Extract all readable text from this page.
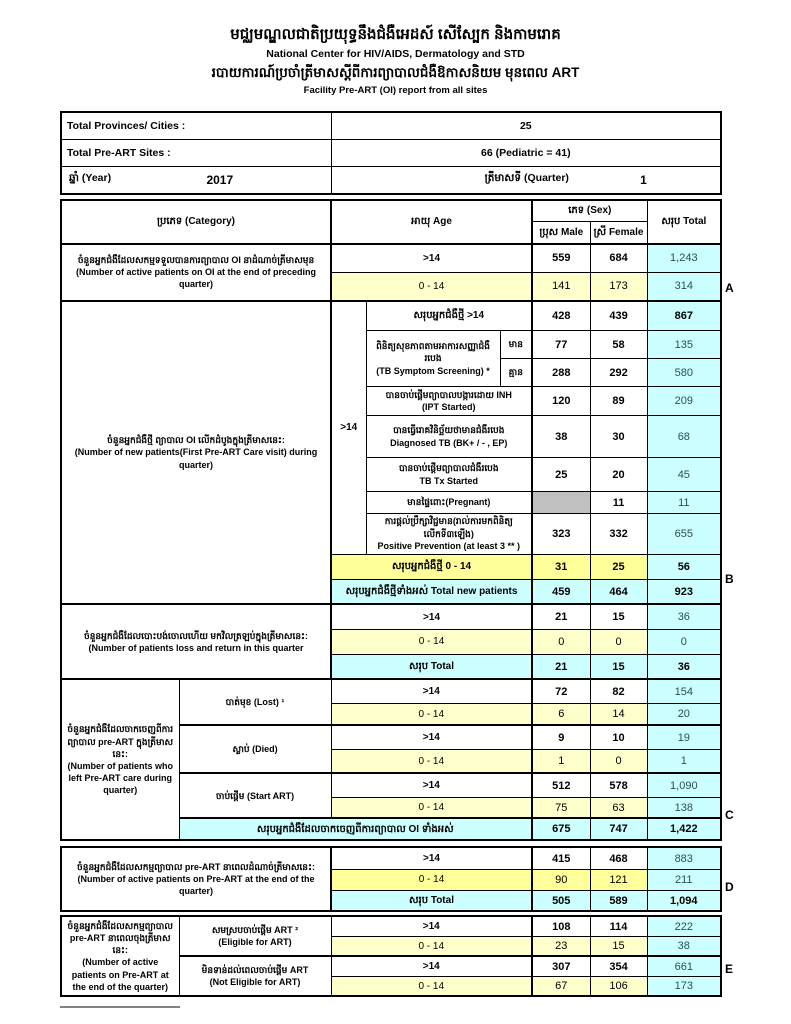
មជ្ឈមណ្ឌលជាតិប្រយុទ្ធនឹងជំងឺអេដស៍ សើស្បែក និងកាមរោគ
National Center for HIV/AIDS, Dermatology and STD
របាយការណ៍ប្រចាំត្រីមាសស្តីពីការព្យាបាលជំងឺឱកាសនិយម មុនពេល ART
Facility Pre-ART (OI) report from all sites
Total Provinces/ Cities :	25
Total Pre-ART Sites :	66 (Pediatric = 41)

ឆ្នាំ (Year) 2017	ត្រីមាសទី (Quarter) 1
ប្រភេទ (Category)		អាយុ Age			ភេទ (Sex)		សរុប Total
					ប្រុស Male	ស្រី Female	
ចំនួនអ្នកជំងឺដែលសកម្មទទួលបានការព្យាបាល OI នាដំណាច់ត្រីមាសមុន (Number of active patients on OI at the end of preceding quarter)		>14			559	684	1,243
		0 - 14			141	173	314
ចំនួនអ្នកជំងឺថ្មី ព្យាបាល OI លើកដំបូងក្នុងត្រីមាសនេះ:
(Number of new patients(First Pre-ART Care visit) during quarter)		>14	សរុបអ្នកជំងឺថ្មី >14		428	439	867
			ពិនិត្យសុខភាពតាមអាការសញ្ញាជំងឺរបេង
(TB Symptom Screening) *	មាន	77	58	135
				គ្មាន	288	292	580
			បានចាប់ផ្តើមព្យាបាលបង្ការដោយ INH
(IPT Started)		120	89	209
			បានធ្វើរោគវិនិច្ឆ័យថាមានជំងឺរបេង
Diagnosed TB (BK+ / - , EP)		38	30	68
			បានចាប់ផ្តើមព្យាបាលជំងឺរបេង
TB Tx Started		25	20	45
			មានផ្ទៃពោះ(Pregnant)			11	11
			ការផ្តល់ប្រឹក្សាវិជ្ជមាន(រាល់ការមកពិនិត្យលើកទី៣ឡើង)
Positive Prevention (at least 3 ** )		323	332	655
		សរុបអ្នកជំងឺថ្មី 0 - 14			31	25	56
		សរុបអ្នកជំងឺថ្មីទាំងអស់ Total new patients			459	464	923
ចំនួនអ្នកជំងឺដែលបោះបង់ចោលហើយ មកវិលត្រឡប់ក្នុងត្រីមាសនេះ:
(Number of patients loss and return in this quarter		>14			21	15	36
		0 - 14			0	0	0
		សរុប Total			21	15	36
ចំនួនអ្នកជំងឺដែលចាកចេញពីការព្យាបាល pre-ART ក្នុងត្រីមាសនេះ:
(Number of patients who left Pre-ART care during quarter)	បាត់មុខ (Lost) ¹	>14			72	82	154
		0 - 14			6	14	20
	ស្លាប់ (Died)	>14			9	10	19
		0 - 14			1	0	1
	ចាប់ផ្តើម (Start ART)	>14			512	578	1,090
		0 - 14			75	63	138
	សរុបអ្នកជំងឺដែលចាកចេញពីការព្យាបាល OI ទាំងអស់				675	747	1,422
ចំនួនអ្នកជំងឺដែលសកម្មព្យាបាល pre-ART នាពេលដំណាច់ត្រីមាសនេះ:
(Number of active patients on Pre-ART at the end of the quarter)	>14	415	468	883
	0 - 14	90	121	211
	សរុប Total	505	589	1,094
ចំនួនអ្នកជំងឺដែលសកម្មព្យាបាល pre-ART នាពេលចុងត្រីមាសនេះ:
(Number of active patients on Pre-ART at the end of the quarter)	សមស្របចាប់ផ្តើម ART ²
(Eligible for ART)	>14	108	114	222
		0 - 14	23	15	38
	មិនទាន់ដល់ពេលចាប់ផ្តើម ART
(Not Eligible for ART)	>14	307	354	661
		0 - 14	67	106	173
A
B
C
D
E
